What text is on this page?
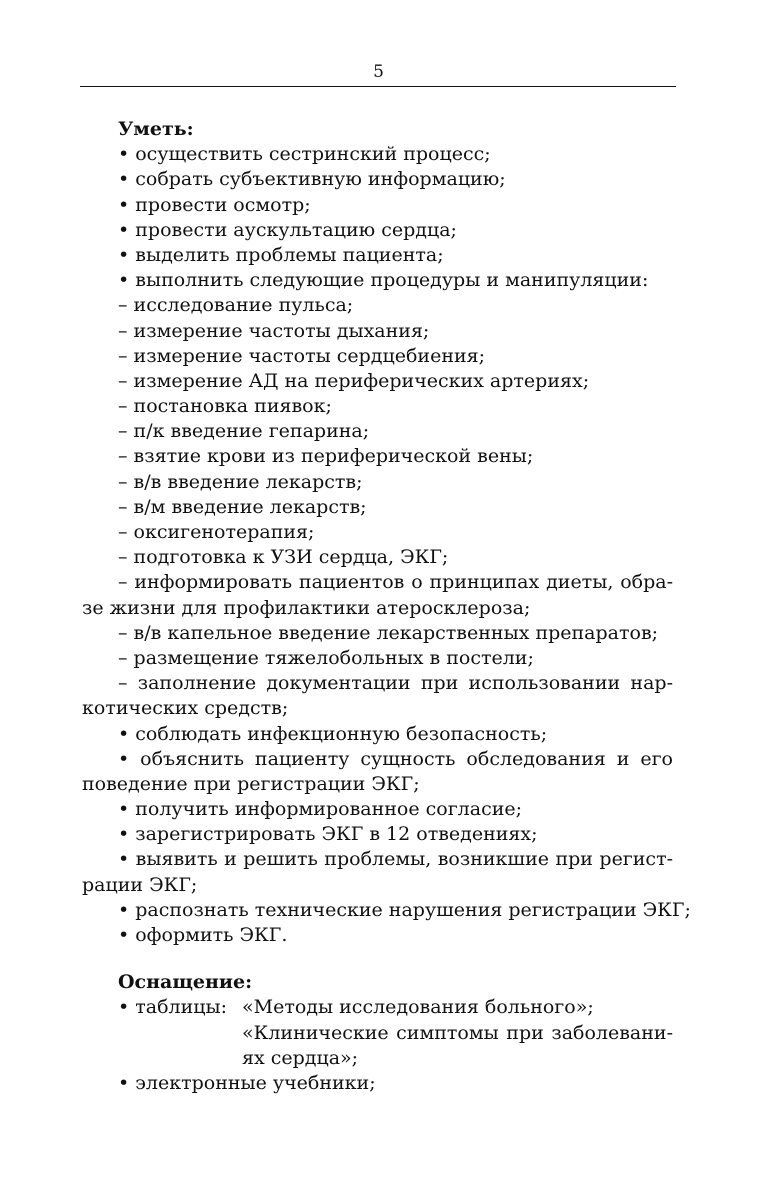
5
Уметь:
• осуществить сестринский процесс;
• собрать субъективную информацию;
• провести осмотр;
• провести аускультацию сердца;
• выделить проблемы пациента;
• выполнить следующие процедуры и манипуляции:
– исследование пульса;
– измерение частоты дыхания;
– измерение частоты сердцебиения;
– измерение АД на периферических артериях;
– постановка пиявок;
– п/к введение гепарина;
– взятие крови из периферической вены;
– в/в введение лекарств;
– в/м введение лекарств;
– оксигенотерапия;
– подготовка к УЗИ сердца, ЭКГ;
– информировать пациентов о принципах диеты, обра-
зе жизни для профилактики атеросклероза;
– в/в капельное введение лекарственных препаратов;
– размещение тяжелобольных в постели;
– заполнение документации при использовании нар-
котических средств;
• соблюдать инфекционную безопасность;
• объяснить пациенту сущность обследования и его
поведение при регистрации ЭКГ;
• получить информированное согласие;
• зарегистрировать ЭКГ в 12 отведениях;
• выявить и решить проблемы, возникшие при регист-
рации ЭКГ;
• распознать технические нарушения регистрации ЭКГ;
• оформить ЭКГ.
Оснащение:
• таблицы: «Методы исследования больного»;
«Клинические симптомы при заболевани-
ях сердца»;
• электронные учебники;
